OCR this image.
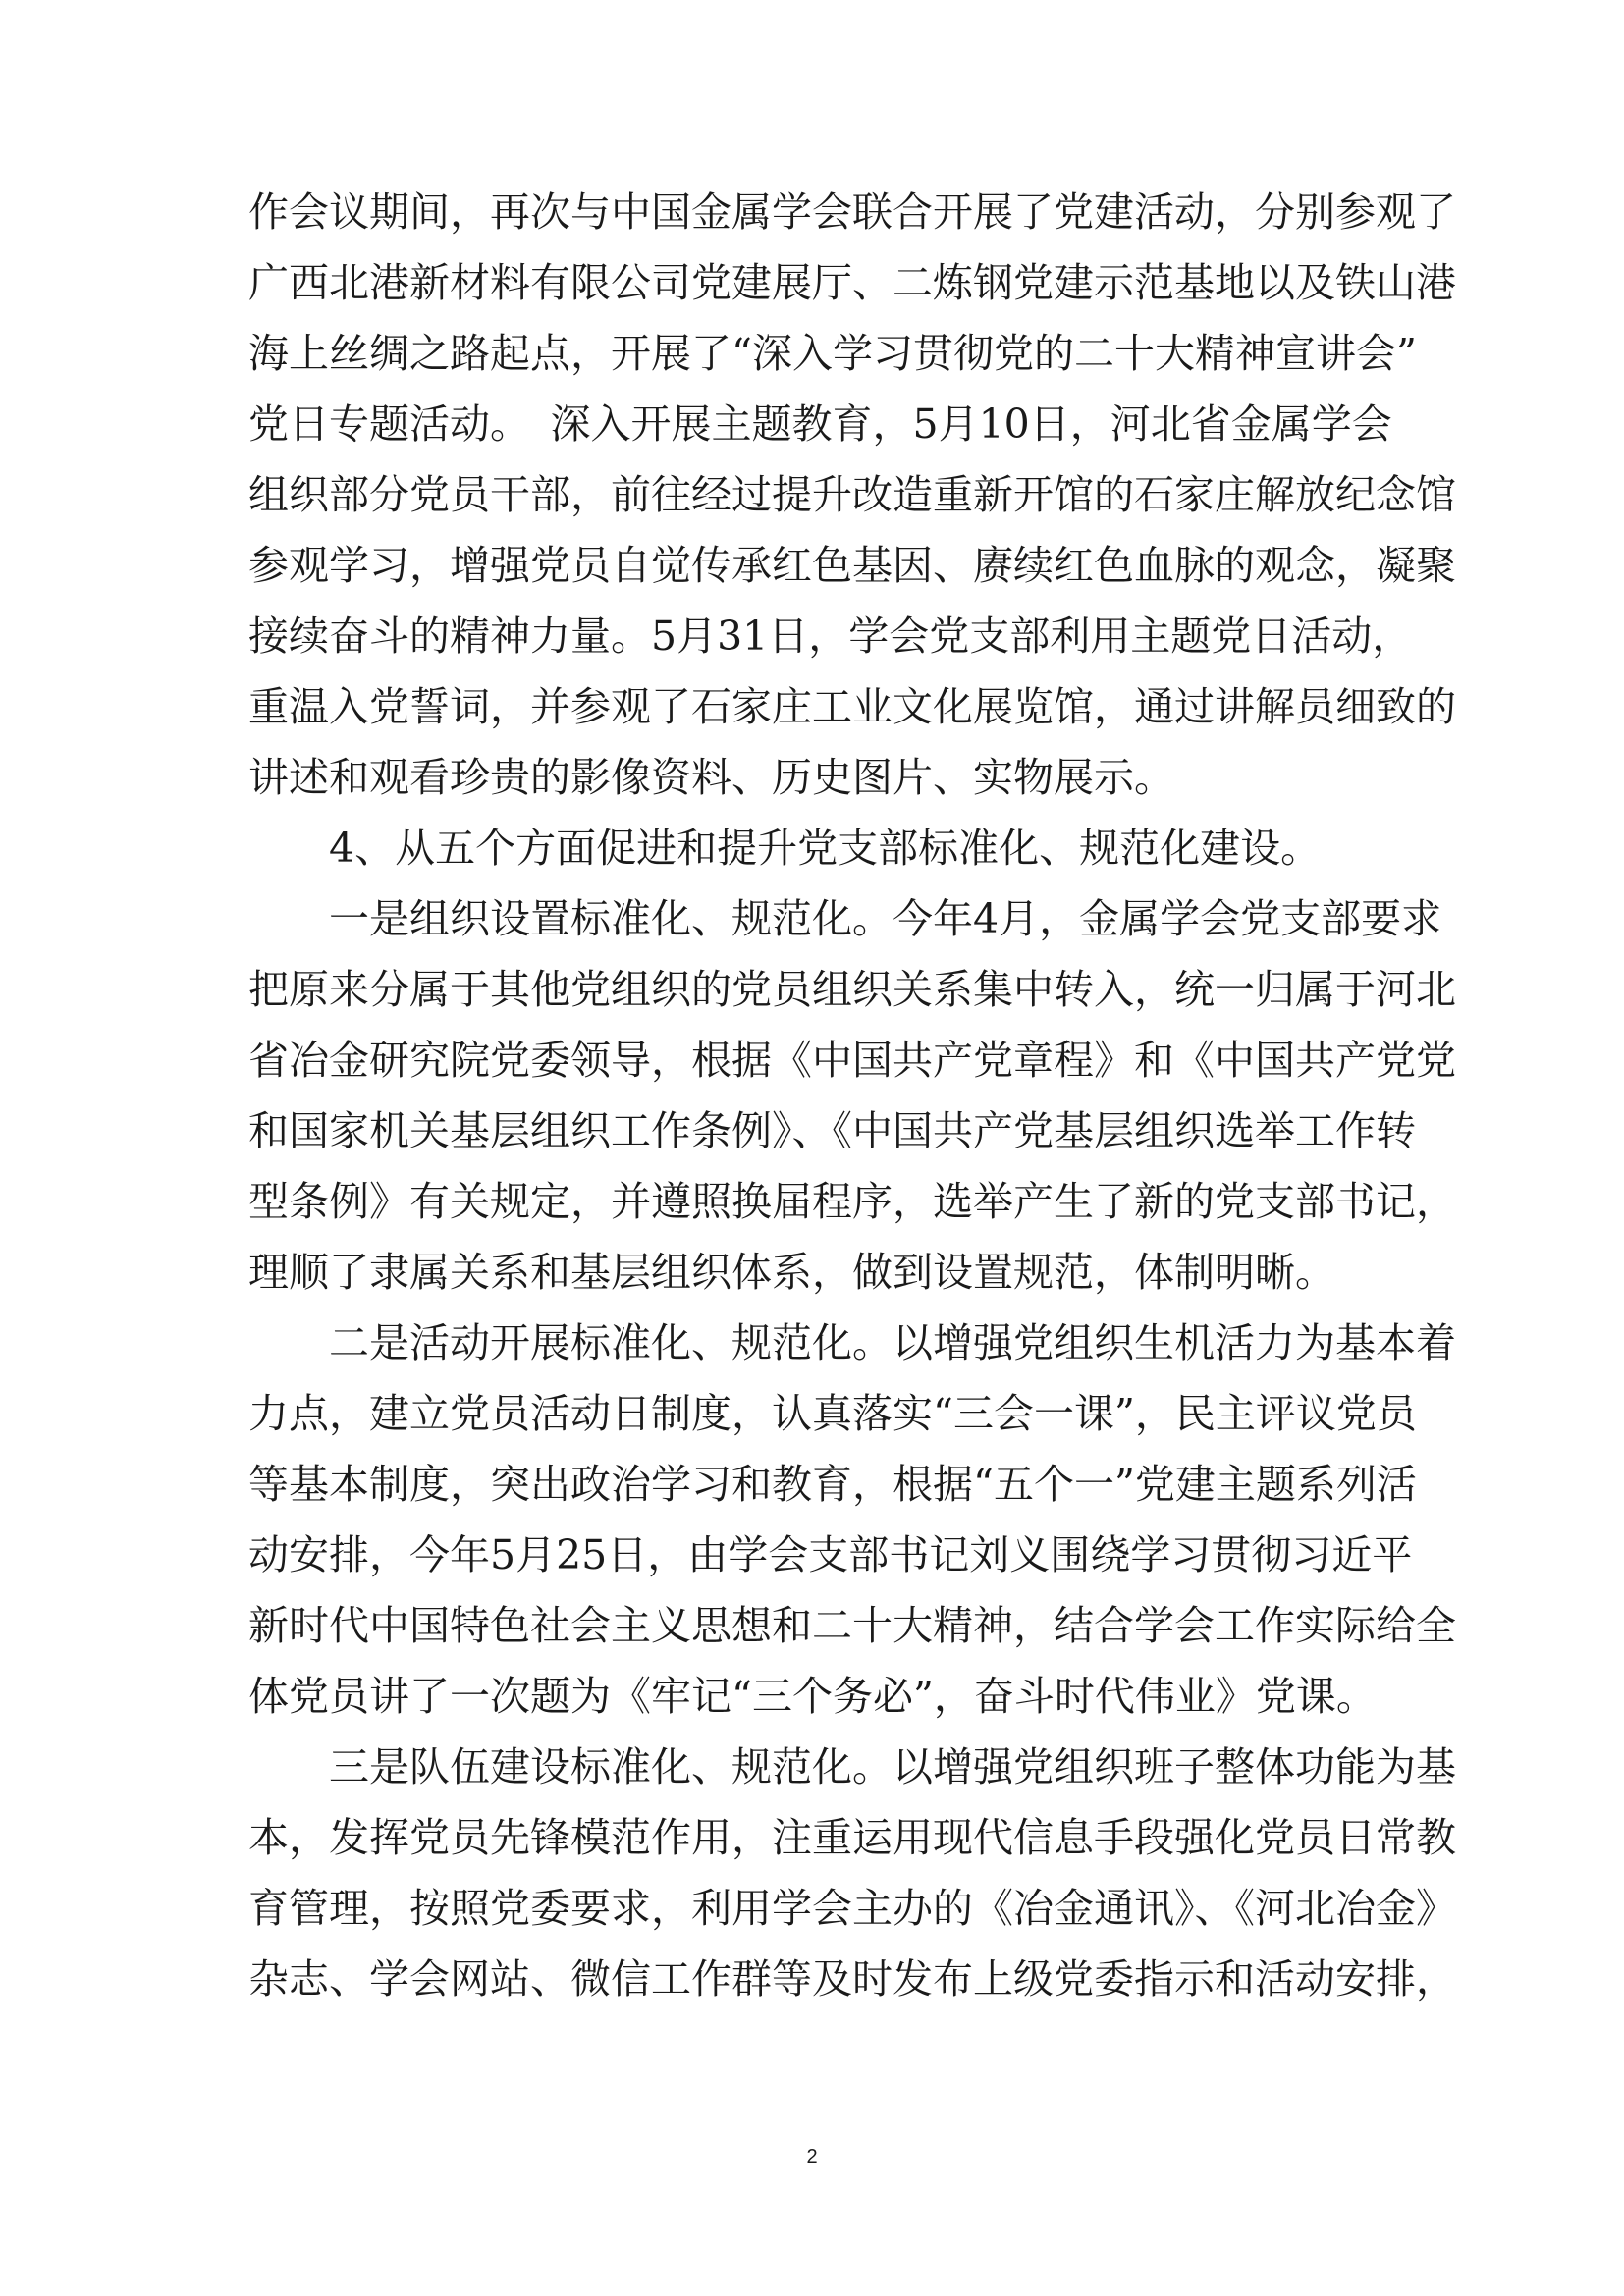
作会议期间，再次与中国金属学会联合开展了党建活动，分别参观了
广西北港新材料有限公司党建展厅、二炼钢党建示范基地以及铁山港
海上丝绸之路起点，开展了“深入学习贯彻党的二十大精神宣讲会”
党日专题活动。　深入开展主题教育，5月10日，河北省金属学会
组织部分党员干部，前往经过提升改造重新开馆的石家庄解放纪念馆
参观学习，增强党员自觉传承红色基因、赓续红色血脉的观念，凝聚
接续奋斗的精神力量。5月31日，学会党支部利用主题党日活动，
重温入党誓词，并参观了石家庄工业文化展览馆，通过讲解员细致的
讲述和观看珍贵的影像资料、历史图片、实物展示。
4、从五个方面促进和提升党支部标准化、规范化建设。
一是组织设置标准化、规范化。今年4月，金属学会党支部要求
把原来分属于其他党组织的党员组织关系集中转入，统一归属于河北
省冶金研究院党委领导，根据《中国共产党章程》和《中国共产党党
和国家机关基层组织工作条例》、《中国共产党基层组织选举工作转
型条例》有关规定，并遵照换届程序，选举产生了新的党支部书记，
理顺了隶属关系和基层组织体系，做到设置规范，体制明晰。
二是活动开展标准化、规范化。以增强党组织生机活力为基本着
力点，建立党员活动日制度，认真落实“三会一课”，民主评议党员
等基本制度，突出政治学习和教育，根据“五个一”党建主题系列活
动安排，今年5月25日，由学会支部书记刘义围绕学习贯彻习近平
新时代中国特色社会主义思想和二十大精神，结合学会工作实际给全
体党员讲了一次题为《牢记“三个务必”，奋斗时代伟业》党课。
三是队伍建设标准化、规范化。以增强党组织班子整体功能为基
本，发挥党员先锋模范作用，注重运用现代信息手段强化党员日常教
育管理，按照党委要求，利用学会主办的《冶金通讯》、《河北冶金》
杂志、学会网站、微信工作群等及时发布上级党委指示和活动安排，
2
